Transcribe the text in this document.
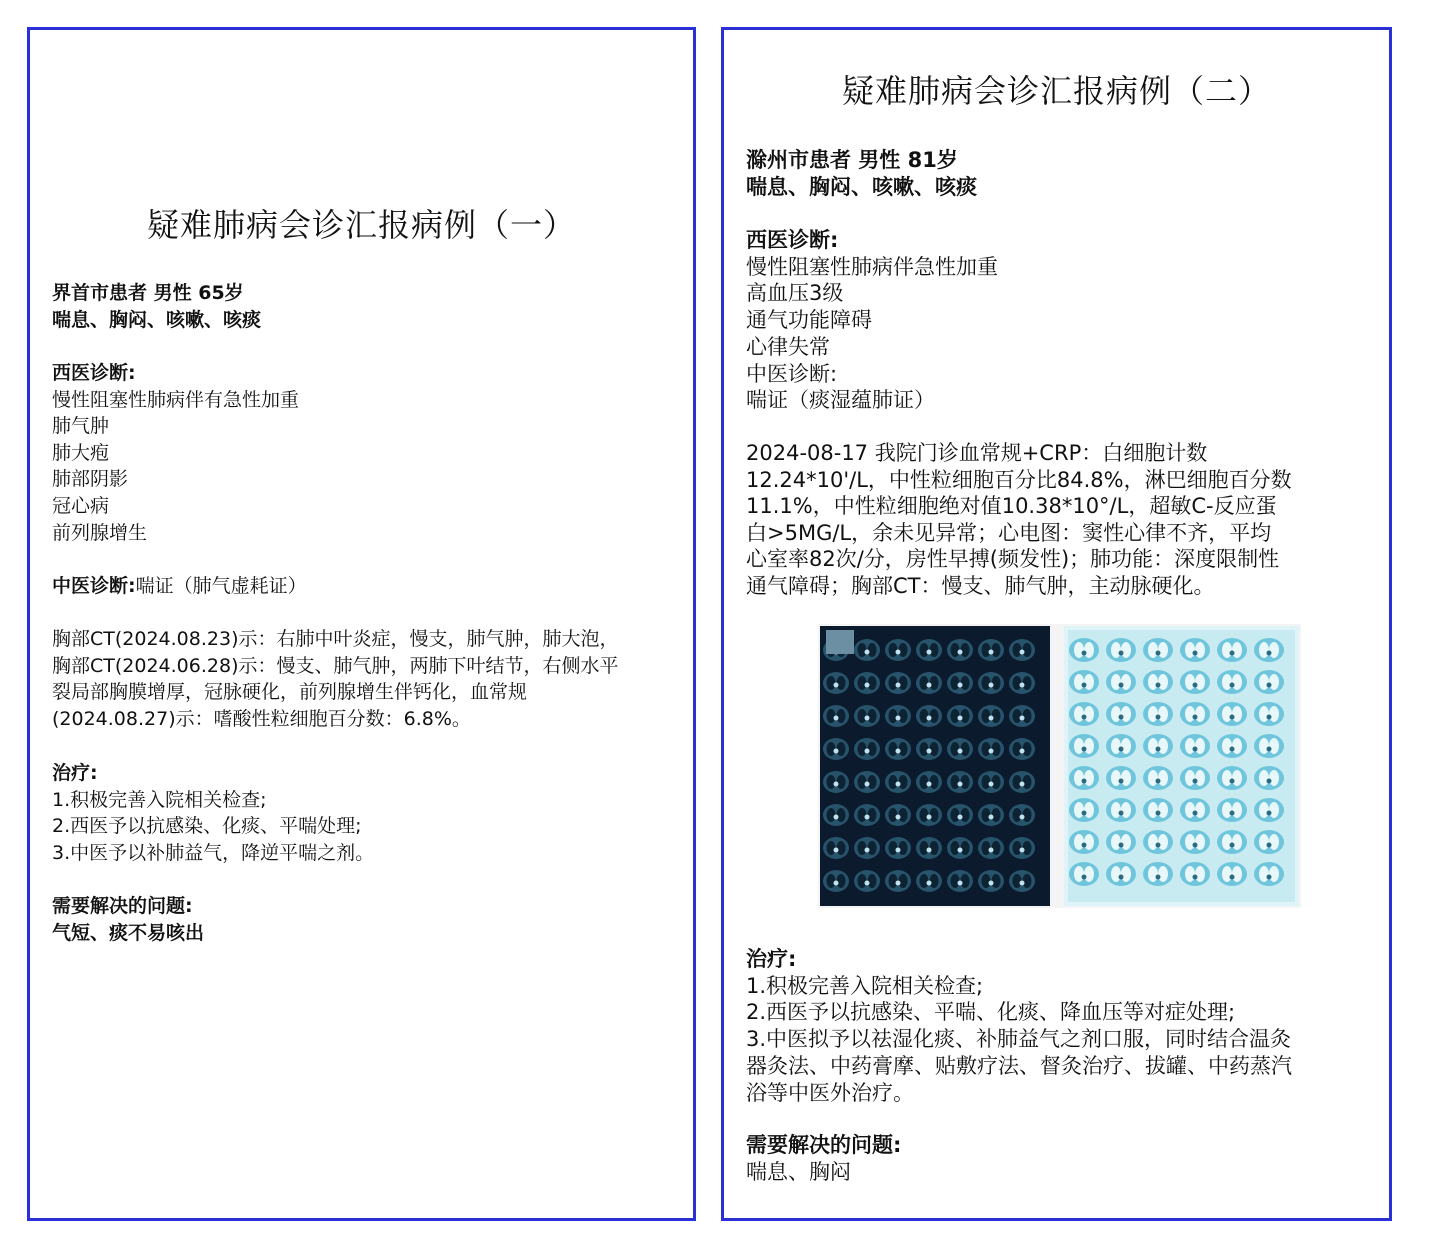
疑难肺病会诊汇报病例（一）
界首市患者 男性 65岁
喘息、胸闷、咳嗽、咳痰
西医诊断:
慢性阻塞性肺病伴有急性加重
肺气肿
肺大疱
肺部阴影
冠心病
前列腺增生
中医诊断:喘证（肺气虚耗证）
胸部CT(2024.08.23)示：右肺中叶炎症，慢支，肺气肿，肺大泡，
胸部CT(2024.06.28)示：慢支、肺气肿，两肺下叶结节，右侧水平
裂局部胸膜增厚，冠脉硬化，前列腺增生伴钙化，血常规
(2024.08.27)示：嗜酸性粒细胞百分数：6.8%。
治疗:
1.积极完善入院相关检查;
2.西医予以抗感染、化痰、平喘处理;
3.中医予以补肺益气，降逆平喘之剂。
需要解决的问题:
气短、痰不易咳出
疑难肺病会诊汇报病例（二）
滁州市患者 男性 81岁
喘息、胸闷、咳嗽、咳痰
西医诊断:
慢性阻塞性肺病伴急性加重
高血压3级
通气功能障碍
心律失常
中医诊断:
喘证（痰湿蕴肺证）
2024-08-17 我院门诊血常规+CRP：白细胞计数
12.24*10'/L，中性粒细胞百分比84.8%，淋巴细胞百分数
11.1%，中性粒细胞绝对值10.38*10°/L，超敏C-反应蛋
白>5MG/L，余未见异常；心电图：窦性心律不齐，平均
心室率82次/分，房性早搏(频发性)；肺功能：深度限制性
通气障碍；胸部CT：慢支、肺气肿，主动脉硬化。
治疗:
1.积极完善入院相关检查;
2.西医予以抗感染、平喘、化痰、降血压等对症处理;
3.中医拟予以祛湿化痰、补肺益气之剂口服，同时结合温灸
器灸法、中药膏摩、贴敷疗法、督灸治疗、拔罐、中药蒸汽
浴等中医外治疗。
需要解决的问题:
喘息、胸闷
